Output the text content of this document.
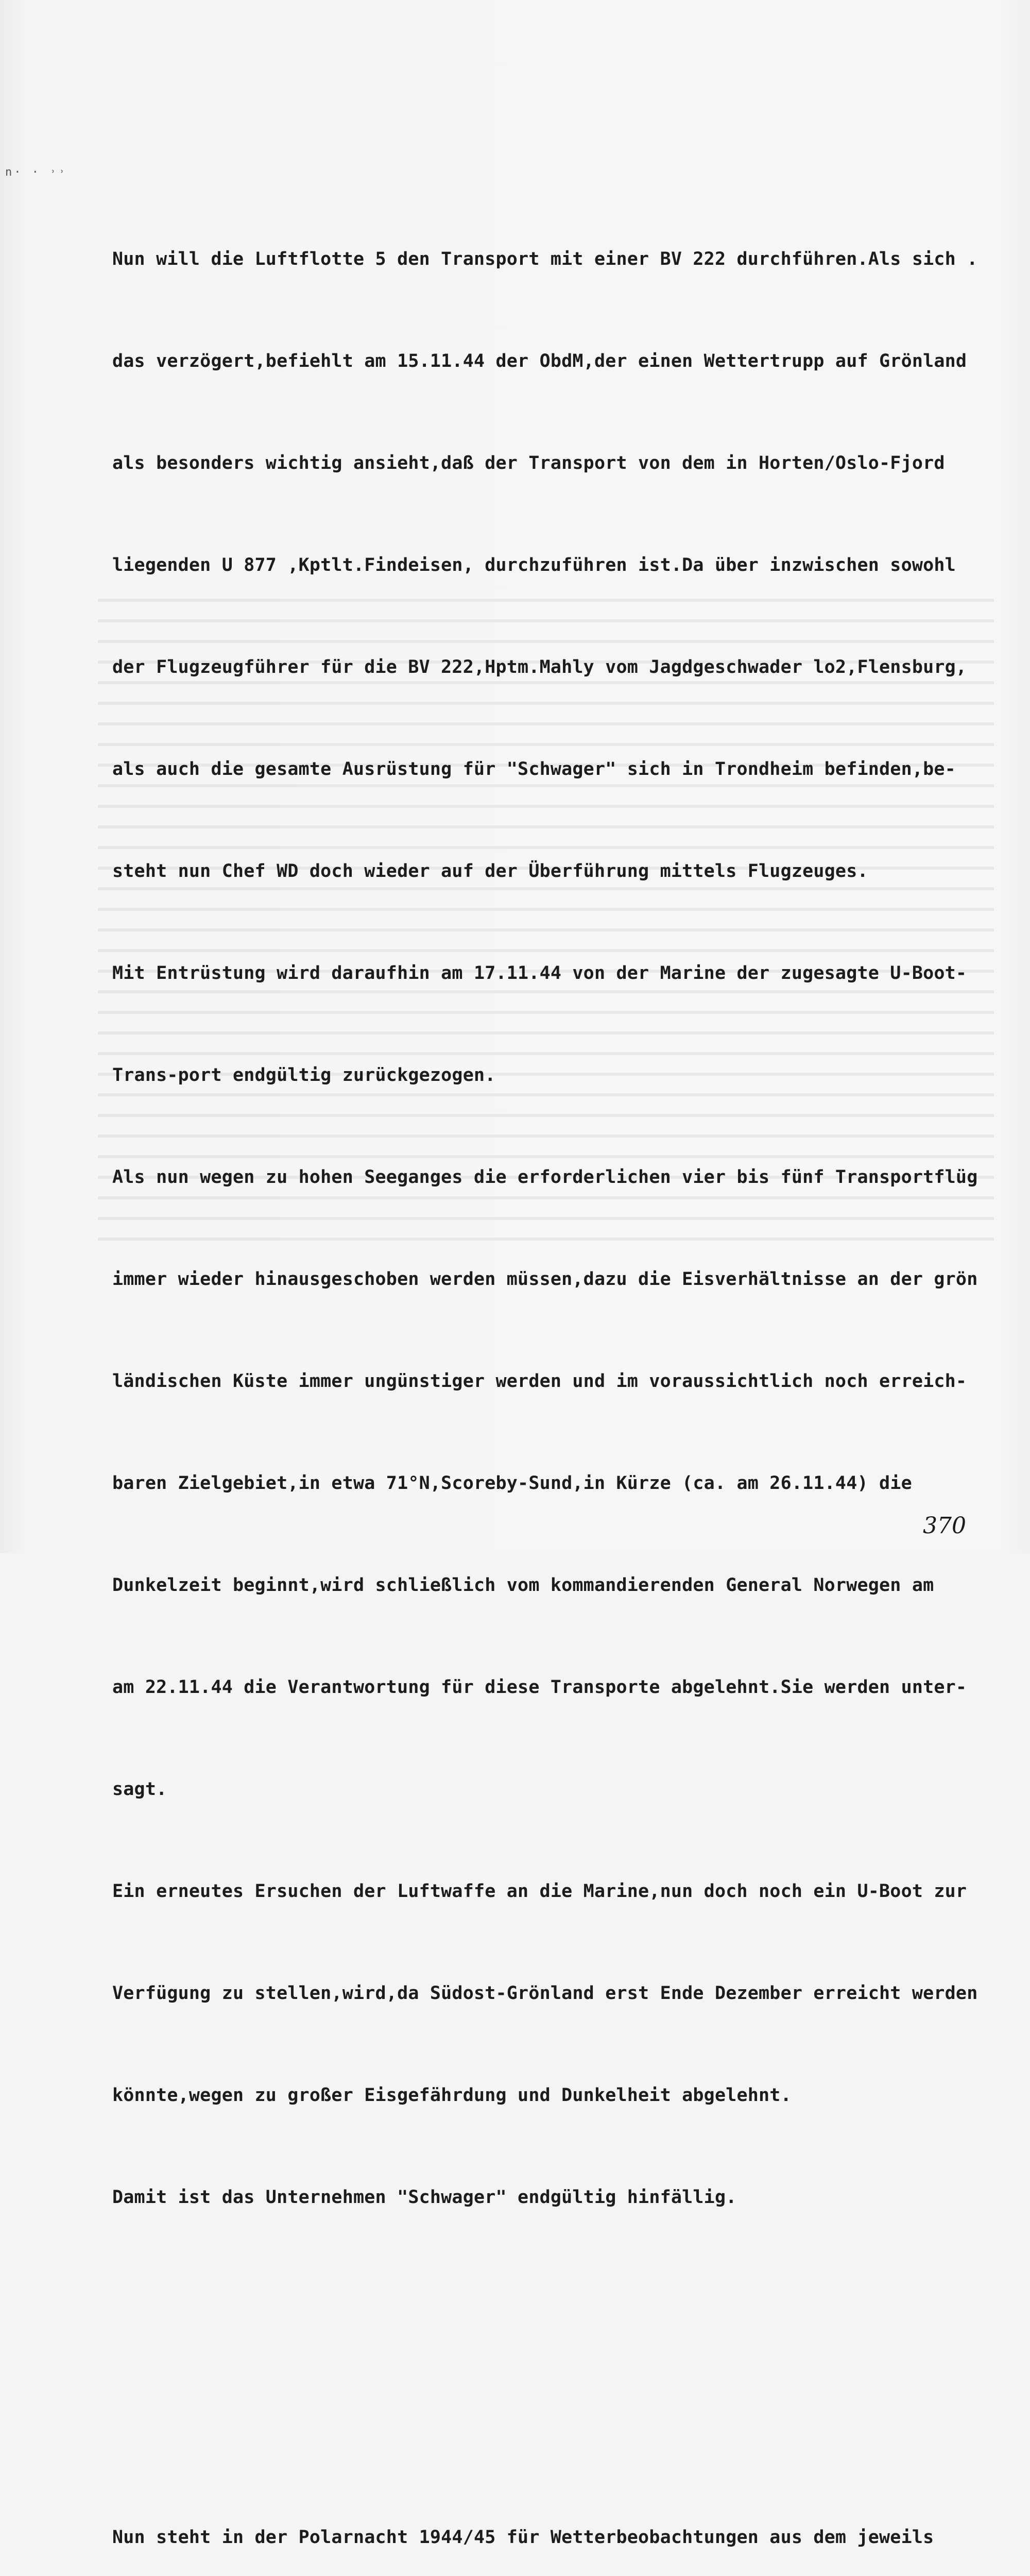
n· · ˒˒

Nun will die Luftflotte 5 den Transport mit einer BV 222 durchführen.Als sich .

das verzögert,befiehlt am 15.11.44 der ObdM,der einen Wettertrupp auf Grönland

als besonders wichtig ansieht,daß der Transport von dem in Horten/Oslo-Fjord

liegenden U 877 ,Kptlt.Findeisen, durchzuführen ist.Da über inzwischen sowohl

der Flugzeugführer für die BV 222,Hptm.Mahly vom Jagdgeschwader lo2,Flensburg,

als auch die gesamte Ausrüstung für "Schwager" sich in Trondheim befinden,be-

steht nun Chef WD doch wieder auf der Überführung mittels Flugzeuges.

Mit Entrüstung wird daraufhin am 17.11.44 von der Marine der zugesagte U-Boot-

Trans-port endgültig zurückgezogen.

Als nun wegen zu hohen Seeganges die erforderlichen vier bis fünf Transportflüg

immer wieder hinausgeschoben werden müssen,dazu die Eisverhältnisse an der grön

ländischen Küste immer ungünstiger werden und im voraussichtlich noch erreich-

baren Zielgebiet,in etwa 71°N,Scoreby-Sund,in Kürze (ca. am 26.11.44) die

Dunkelzeit beginnt,wird schließlich vom kommandierenden General Norwegen am

am 22.11.44 die Verantwortung für diese Transporte abgelehnt.Sie werden unter-

sagt.

Ein erneutes Ersuchen der Luftwaffe an die Marine,nun doch noch ein U-Boot zur

Verfügung zu stellen,wird,da Südost-Grönland erst Ende Dezember erreicht werden

könnte,wegen zu großer Eisgefährdung und Dunkelheit abgelehnt.

Damit ist das Unternehmen "Schwager" endgültig hinfällig.

Nun steht in der Polarnacht 1944/45 für Wetterbeobachtungen aus dem jeweils

370
